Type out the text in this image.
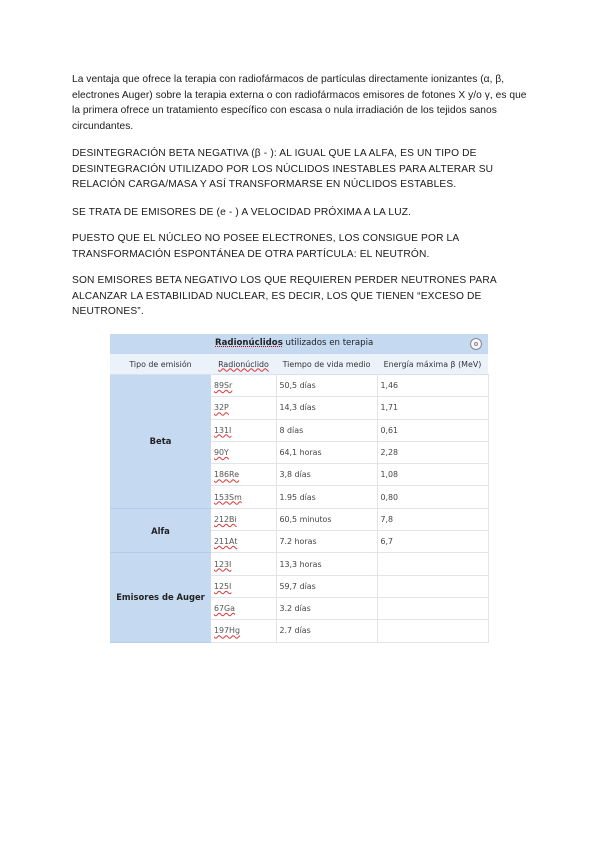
La ventaja que ofrece la terapia con radiofármacos de partículas directamente ionizantes (α, β, electrones Auger) sobre la terapia externa o con radiofármacos emisores de fotones X y/o γ, es que la primera ofrece un tratamiento específico con escasa o nula irradiación de los tejidos sanos circundantes.

DESINTEGRACIÓN BETA NEGATIVA (β - ): AL IGUAL QUE LA ALFA, ES UN TIPO DE DESINTEGRACIÓN UTILIZADO POR LOS NÚCLIDOS INESTABLES PARA ALTERAR SU RELACIÓN CARGA/MASA Y ASÍ TRANSFORMARSE EN NÚCLIDOS ESTABLES.

SE TRATA DE EMISORES DE (e - ) A VELOCIDAD PRÓXIMA A LA LUZ.

PUESTO QUE EL NÚCLEO NO POSEE ELECTRONES, LOS CONSIGUE POR LA TRANSFORMACIÓN ESPONTÁNEA DE OTRA PARTÍCULA: EL NEUTRÓN.

SON EMISORES BETA NEGATIVO LOS QUE REQUIEREN PERDER NEUTRONES PARA ALCANZAR LA ESTABILIDAD NUCLEAR, ES DECIR, LOS QUE TIENEN “EXCESO DE NEUTRONES”.

Radionúclidos utilizados en terapia
Tipo de emisión	Radionúclido	Tiempo de vida medio	Energía máxima β (MeV)
Beta	89Sr	50,5 días	1,46
	32P	14,3 días	1,71
	131I	8 días	0,61
	90Y	64,1 horas	2,28
	186Re	3,8 días	1,08
	153Sm	1.95 días	0,80
Alfa	212Bi	60,5 minutos	7,8
	211At	7.2 horas	6,7
Emisores de Auger	123I	13,3 horas	
	125I	59,7 días	
	67Ga	3.2 días	
	197Hg	2.7 días	
